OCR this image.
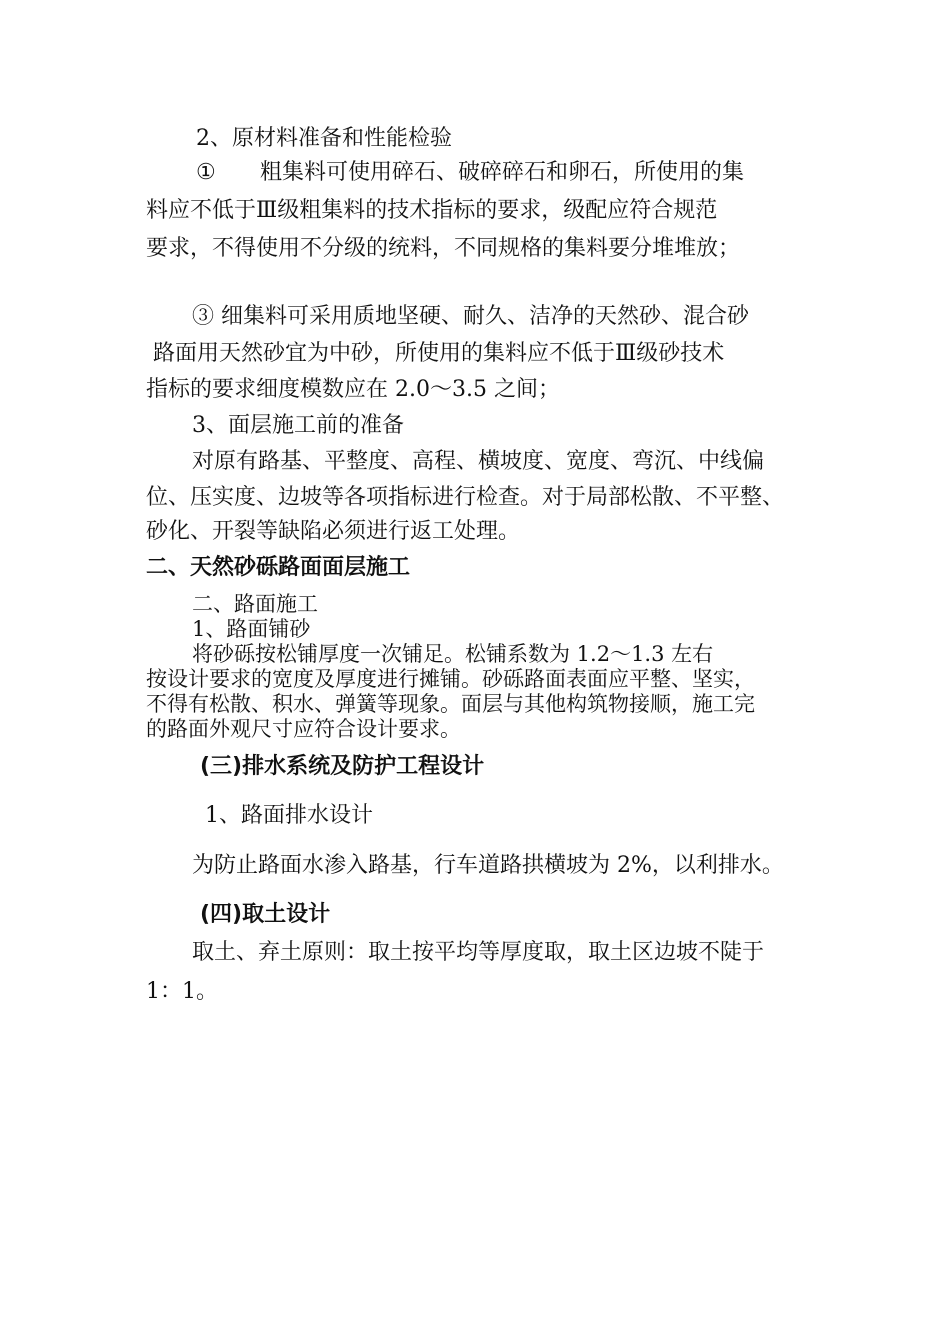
2、原材料准备和性能检验
① 粗集料可使用碎石、破碎碎石和卵石，所使用的集
料应不低于Ⅲ级粗集料的技术指标的要求，级配应符合规范
要求，不得使用不分级的统料，不同规格的集料要分堆堆放；
③ 细集料可采用质地坚硬、耐久、洁净的天然砂、混合砂
路面用天然砂宜为中砂，所使用的集料应不低于Ⅲ级砂技术
指标的要求细度模数应在 2.0～3.5 之间；
3、面层施工前的准备
对原有路基、平整度、高程、横坡度、宽度、弯沉、中线偏
位、压实度、边坡等各项指标进行检查。对于局部松散、不平整、
砂化、开裂等缺陷必须进行返工处理。
二、天然砂砾路面面层施工
二、路面施工
1、路面铺砂
将砂砾按松铺厚度一次铺足。松铺系数为 1.2～1.3 左右
按设计要求的宽度及厚度进行摊铺。砂砾路面表面应平整、坚实，
不得有松散、积水、弹簧等现象。面层与其他构筑物接顺，施工完
的路面外观尺寸应符合设计要求。
(三)排水系统及防护工程设计
1、路面排水设计
为防止路面水渗入路基，行车道路拱横坡为 2%，以利排水。
(四)取土设计
取土、弃土原则：取土按平均等厚度取，取土区边坡不陡于
1：1。
